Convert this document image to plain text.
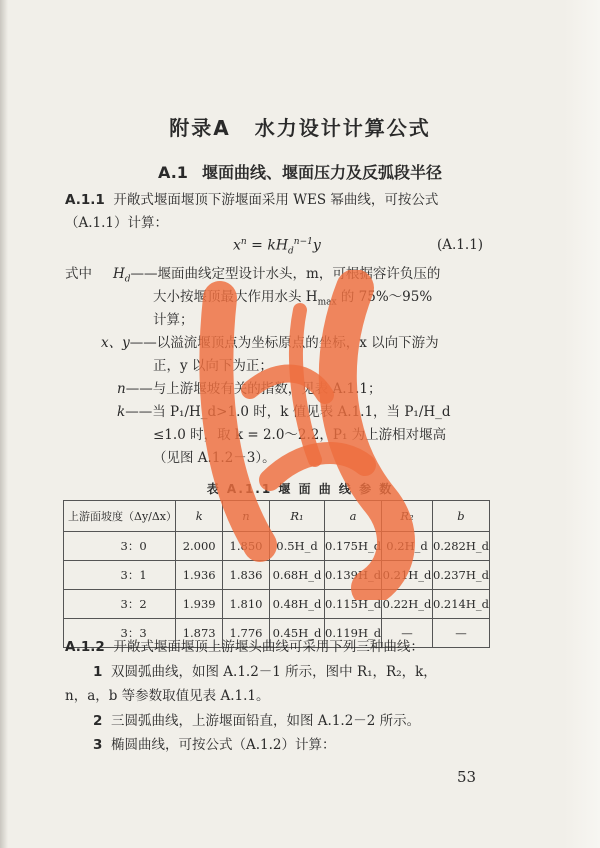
附录A 水力设计计算公式
A.1 堰面曲线、堰面压力及反弧段半径
A.1.1 开敞式堰面堰顶下游堰面采用 WES 幂曲线，可按公式
（A.1.1）计算：
$x^n = kH_d^{n-1}y$	(A.1.1)
式中 $H_d——$堰面曲线定型设计水头，m，可根据容许负压的
大小按堰顶最大作用水头 $H_{max}$ 的 75%～95%
计算；
x、y——以溢流堰顶点为坐标原点的坐标，x 以向下游为
正，y 以向下为正；
n——与上游堰坡有关的指数，见表 A.1.1；
k——当 P₁/H_d>1.0 时，k 值见表 A.1.1，当 P₁/H_d
≤1.0 时，取 k = 2.0～2.2，P₁ 为上游相对堰高
（见图 A.1.2－3）。
表 A.1.1 堰 面 曲 线 参 数
上游面坡度（Δy/Δx）	k	n	R₁	a	R₂	b
3：0	2.000	1.850	0.5H_d	0.175H_d	0.2H_d	0.282H_d
3：1	1.936	1.836	0.68H_d	0.139H_d	0.21H_d	0.237H_d
3：2	1.939	1.810	0.48H_d	0.115H_d	0.22H_d	0.214H_d
3：3	1.873	1.776	0.45H_d	0.119H_d	—	—
A.1.2 开敞式堰面堰顶上游堰头曲线可采用下列三种曲线：
1 双圆弧曲线，如图 A.1.2－1 所示，图中 R₁，R₂，k，
n，a，b 等参数取值见表 A.1.1。
2 三圆弧曲线，上游堰面铅直，如图 A.1.2－2 所示。
3 椭圆曲线，可按公式（A.1.2）计算：
53
